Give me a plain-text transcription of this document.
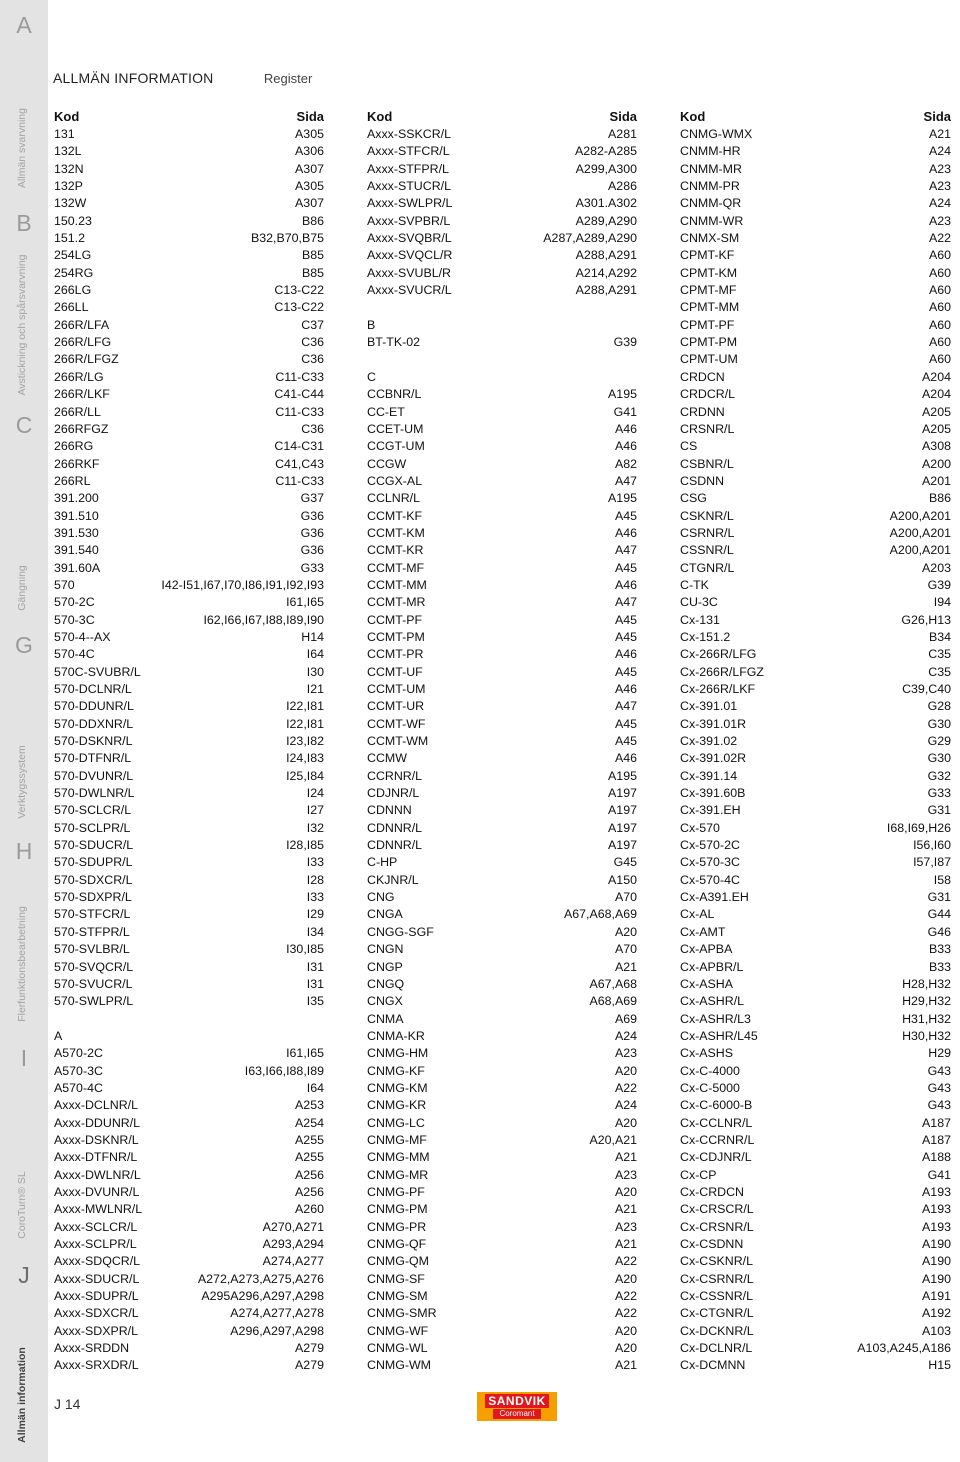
A
Allmän svarvning
B
Avstickning och spårsvarvning
C
Gängning
G
Verktygssystem
H
Flerfunktionsbearbetning
I
CoroTurn® SL
J
Allmän information
ALLMÄN INFORMATION	Register
Kod	Sida
131	A305
132L	A306
132N	A307
132P	A305
132W	A307
150.23	B86
151.2	B32,B70,B75
254LG	B85
254RG	B85
266LG	C13-C22
266LL	C13-C22
266R/LFA	C37
266R/LFG	C36
266R/LFGZ	C36
266R/LG	C11-C33
266R/LKF	C41-C44
266R/LL	C11-C33
266RFGZ	C36
266RG	C14-C31
266RKF	C41,C43
266RL	C11-C33
391.200	G37
391.510	G36
391.530	G36
391.540	G36
391.60A	G33
570	I42-I51,I67,I70,I86,I91,I92,I93
570-2C	I61,I65
570-3C	I62,I66,I67,I88,I89,I90
570-4--AX	H14
570-4C	I64
570C-SVUBR/L	I30
570-DCLNR/L	I21
570-DDUNR/L	I22,I81
570-DDXNR/L	I22,I81
570-DSKNR/L	I23,I82
570-DTFNR/L	I24,I83
570-DVUNR/L	I25,I84
570-DWLNR/L	I24
570-SCLCR/L	I27
570-SCLPR/L	I32
570-SDUCR/L	I28,I85
570-SDUPR/L	I33
570-SDXCR/L	I28
570-SDXPR/L	I33
570-STFCR/L	I29
570-STFPR/L	I34
570-SVLBR/L	I30,I85
570-SVQCR/L	I31
570-SVUCR/L	I31
570-SWLPR/L	I35
A
A570-2C	I61,I65
A570-3C	I63,I66,I88,I89
A570-4C	I64
Axxx-DCLNR/L	A253
Axxx-DDUNR/L	A254
Axxx-DSKNR/L	A255
Axxx-DTFNR/L	A255
Axxx-DWLNR/L	A256
Axxx-DVUNR/L	A256
Axxx-MWLNR/L	A260
Axxx-SCLCR/L	A270,A271
Axxx-SCLPR/L	A293,A294
Axxx-SDQCR/L	A274,A277
Axxx-SDUCR/L	A272,A273,A275,A276
Axxx-SDUPR/L	A295A296,A297,A298
Axxx-SDXCR/L	A274,A277,A278
Axxx-SDXPR/L	A296,A297,A298
Axxx-SRDDN	A279
Axxx-SRXDR/L	A279
Kod	Sida
Axxx-SSKCR/L	A281
Axxx-STFCR/L	A282-A285
Axxx-STFPR/L	A299,A300
Axxx-STUCR/L	A286
Axxx-SWLPR/L	A301.A302
Axxx-SVPBR/L	A289,A290
Axxx-SVQBR/L	A287,A289,A290
Axxx-SVQCL/R	A288,A291
Axxx-SVUBL/R	A214,A292
Axxx-SVUCR/L	A288,A291
B
BT-TK-02	G39
C
CCBNR/L	A195
CC-ET	G41
CCET-UM	A46
CCGT-UM	A46
CCGW	A82
CCGX-AL	A47
CCLNR/L	A195
CCMT-KF	A45
CCMT-KM	A46
CCMT-KR	A47
CCMT-MF	A45
CCMT-MM	A46
CCMT-MR	A47
CCMT-PF	A45
CCMT-PM	A45
CCMT-PR	A46
CCMT-UF	A45
CCMT-UM	A46
CCMT-UR	A47
CCMT-WF	A45
CCMT-WM	A45
CCMW	A46
CCRNR/L	A195
CDJNR/L	A197
CDNNN	A197
CDNNR/L	A197
CDNNR/L	A197
C-HP	G45
CKJNR/L	A150
CNG	A70
CNGA	A67,A68,A69
CNGG-SGF	A20
CNGN	A70
CNGP	A21
CNGQ	A67,A68
CNGX	A68,A69
CNMA	A69
CNMA-KR	A24
CNMG-HM	A23
CNMG-KF	A20
CNMG-KM	A22
CNMG-KR	A24
CNMG-LC	A20
CNMG-MF	A20,A21
CNMG-MM	A21
CNMG-MR	A23
CNMG-PF	A20
CNMG-PM	A21
CNMG-PR	A23
CNMG-QF	A21
CNMG-QM	A22
CNMG-SF	A20
CNMG-SM	A22
CNMG-SMR	A22
CNMG-WF	A20
CNMG-WL	A20
CNMG-WM	A21
Kod	Sida
CNMG-WMX	A21
CNMM-HR	A24
CNMM-MR	A23
CNMM-PR	A23
CNMM-QR	A24
CNMM-WR	A23
CNMX-SM	A22
CPMT-KF	A60
CPMT-KM	A60
CPMT-MF	A60
CPMT-MM	A60
CPMT-PF	A60
CPMT-PM	A60
CPMT-UM	A60
CRDCN	A204
CRDCR/L	A204
CRDNN	A205
CRSNR/L	A205
CS	A308
CSBNR/L	A200
CSDNN	A201
CSG	B86
CSKNR/L	A200,A201
CSRNR/L	A200,A201
CSSNR/L	A200,A201
CTGNR/L	A203
C-TK	G39
CU-3C	I94
Cx-131	G26,H13
Cx-151.2	B34
Cx-266R/LFG	C35
Cx-266R/LFGZ	C35
Cx-266R/LKF	C39,C40
Cx-391.01	G28
Cx-391.01R	G30
Cx-391.02	G29
Cx-391.02R	G30
Cx-391.14	G32
Cx-391.60B	G33
Cx-391.EH	G31
Cx-570	I68,I69,H26
Cx-570-2C	I56,I60
Cx-570-3C	I57,I87
Cx-570-4C	I58
Cx-A391.EH	G31
Cx-AL	G44
Cx-AMT	G46
Cx-APBA	B33
Cx-APBR/L	B33
Cx-ASHA	H28,H32
Cx-ASHR/L	H29,H32
Cx-ASHR/L3	H31,H32
Cx-ASHR/L45	H30,H32
Cx-ASHS	H29
Cx-C-4000	G43
Cx-C-5000	G43
Cx-C-6000-B	G43
Cx-CCLNR/L	A187
Cx-CCRNR/L	A187
Cx-CDJNR/L	A188
Cx-CP	G41
Cx-CRDCN	A193
Cx-CRSCR/L	A193
Cx-CRSNR/L	A193
Cx-CSDNN	A190
Cx-CSKNR/L	A190
Cx-CSRNR/L	A190
Cx-CSSNR/L	A191
Cx-CTGNR/L	A192
Cx-DCKNR/L	A103
Cx-DCLNR/L	A103,A245,A186
Cx-DCMNN	H15
J 14	SANDVIK
Coromant
